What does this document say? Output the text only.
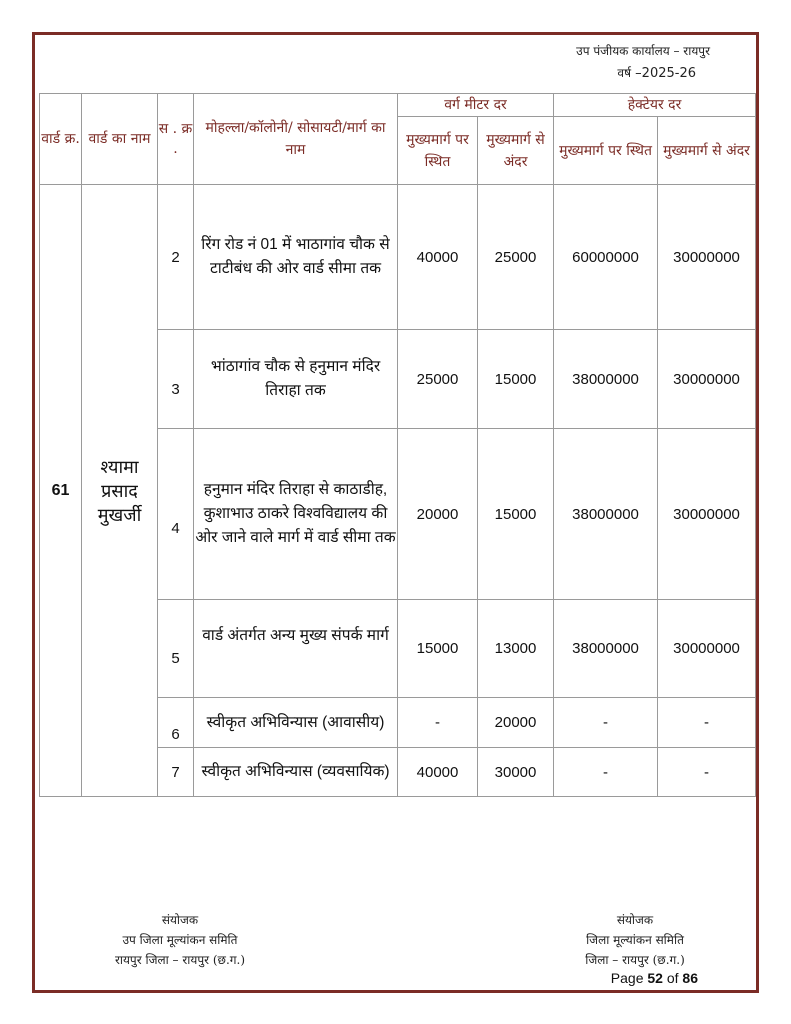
उप पंजीयक कार्यालय – रायपुर
वर्ष –2025-26
वार्ड क्र.	वार्ड का नाम	स . क्र .	मोहल्ला/कॉलोनी/ सोसायटी/मार्ग का नाम	वर्ग मीटर दर		हेक्टेयर दर	
				मुख्यमार्ग पर स्थित	मुख्यमार्ग से अंदर	मुख्यमार्ग पर स्थित	मुख्यमार्ग से अंदर
61	श्यामा प्रसाद मुखर्जी	2	रिंग रोड नं 01 में भाठागांव चौक से टाटीबंध की ओर वार्ड सीमा तक	40000	25000	60000000	30000000
		3	भांठागांव चौक से हनुमान मंदिर तिराहा तक	25000	15000	38000000	30000000
		4	हनुमान मंदिर तिराहा से काठाडीह, कुशाभाउ ठाकरे विश्वविद्यालय की ओर जाने वाले मार्ग में वार्ड सीमा तक	20000	15000	38000000	30000000
		5	वार्ड अंतर्गत अन्य मुख्य संपर्क मार्ग	15000	13000	38000000	30000000
		6	स्वीकृत अभिविन्यास (आवासीय)	-	20000	-	-
		7	स्वीकृत अभिविन्यास (व्यवसायिक)	40000	30000	-	-
संयोजक
उप जिला मूल्यांकन समिति
रायपुर जिला – रायपुर (छ.ग.)
संयोजक
जिला मूल्यांकन समिति
जिला – रायपुर (छ.ग.)
Page 52 of 86
